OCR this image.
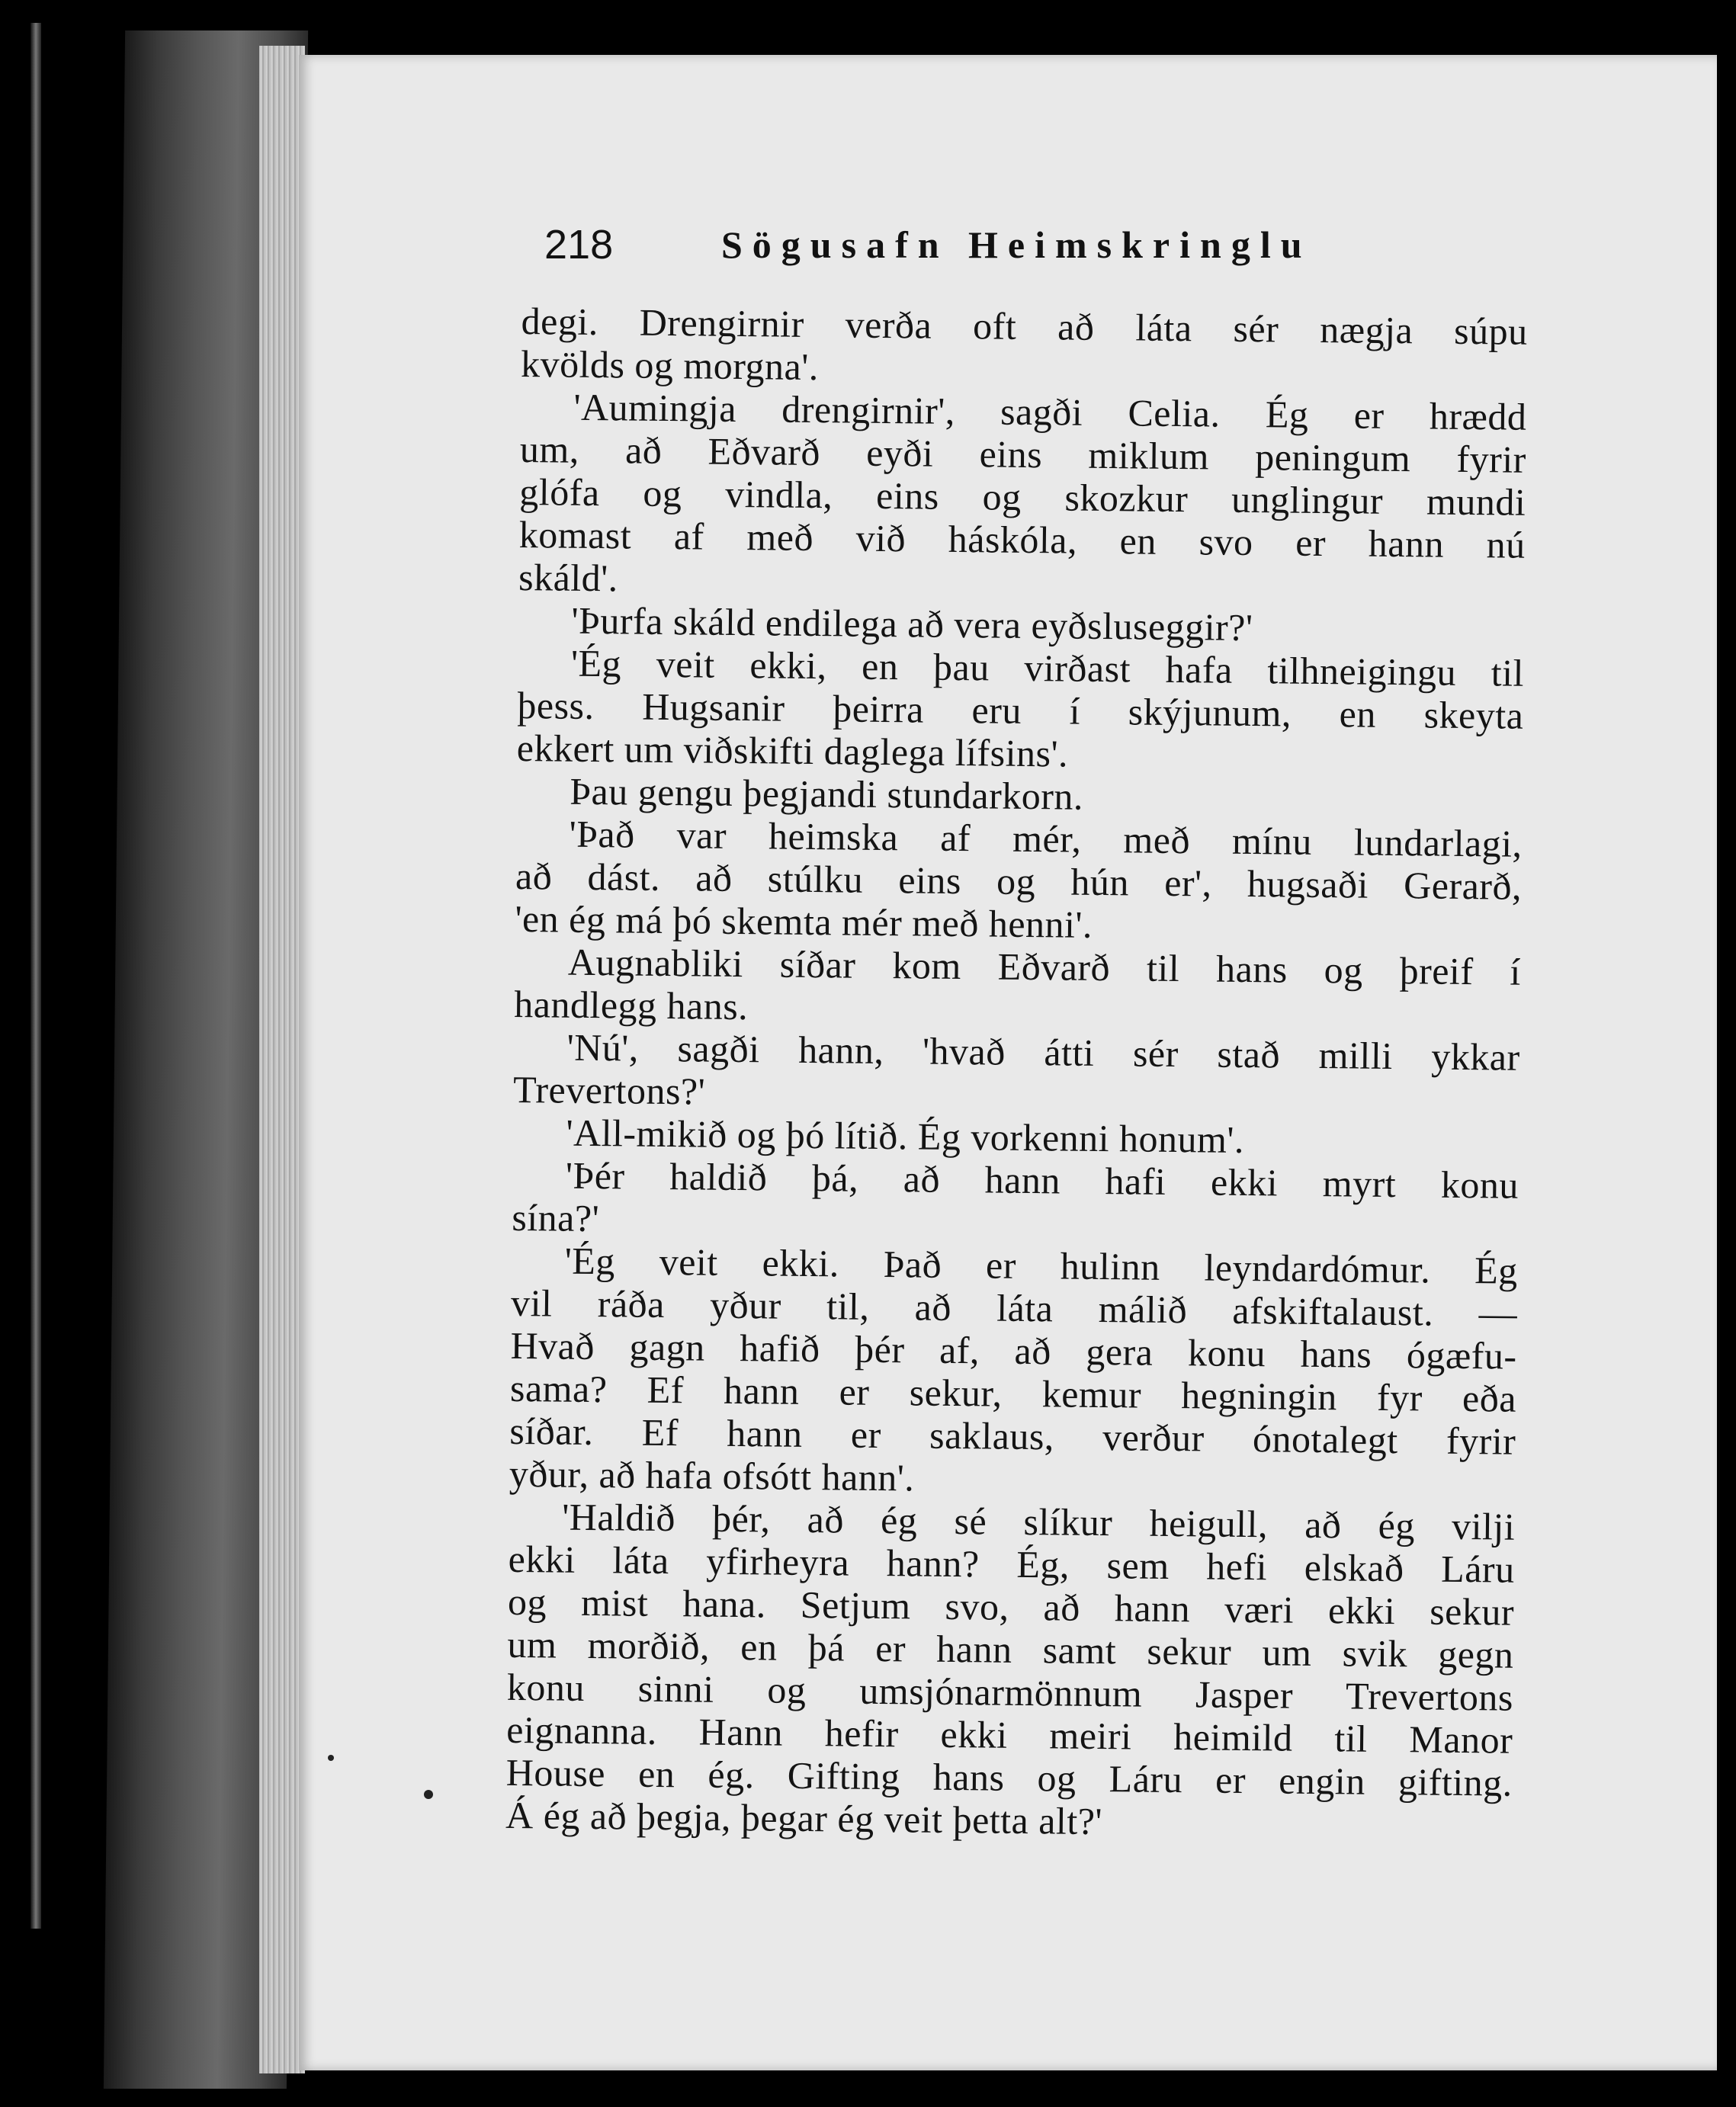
218	Sögusafn Heimskringlu
degi. Drengirnir verða oft að láta sér nægja súpu
kvölds og morgna'.
'Aumingja drengirnir', sagði Celia. Ég er hrædd
um, að Eðvarð eyði eins miklum peningum fyrir
glófa og vindla, eins og skozkur unglingur mundi
komast af með við háskóla, en svo er hann nú
skáld'.
'Þurfa skáld endilega að vera eyðsluseggir?'
'Ég veit ekki, en þau virðast hafa tilhneigingu til
þess. Hugsanir þeirra eru í skýjunum, en skeyta
ekkert um viðskifti daglega lífsins'.
Þau gengu þegjandi stundarkorn.
'Það var heimska af mér, með mínu lundarlagi,
að dást. að stúlku eins og hún er', hugsaði Gerarð,
'en ég má þó skemta mér með henni'.
Augnabliki síðar kom Eðvarð til hans og þreif í
handlegg hans.
'Nú', sagði hann, 'hvað átti sér stað milli ykkar
Trevertons?'
'All-mikið og þó lítið. Ég vorkenni honum'.
'Þér haldið þá, að hann hafi ekki myrt konu
sína?'
'Ég veit ekki. Það er hulinn leyndardómur. Ég
vil ráða yður til, að láta málið afskiftalaust. —
Hvað gagn hafið þér af, að gera konu hans ógæfu-
sama? Ef hann er sekur, kemur hegningin fyr eða
síðar. Ef hann er saklaus, verður ónotalegt fyrir
yður, að hafa ofsótt hann'.
'Haldið þér, að ég sé slíkur heigull, að ég vilji
ekki láta yfirheyra hann? Ég, sem hefi elskað Láru
og mist hana. Setjum svo, að hann væri ekki sekur
um morðið, en þá er hann samt sekur um svik gegn
konu sinni og umsjónarmönnum Jasper Trevertons
eignanna. Hann hefir ekki meiri heimild til Manor
House en ég. Gifting hans og Láru er engin gifting.
Á ég að þegja, þegar ég veit þetta alt?'
